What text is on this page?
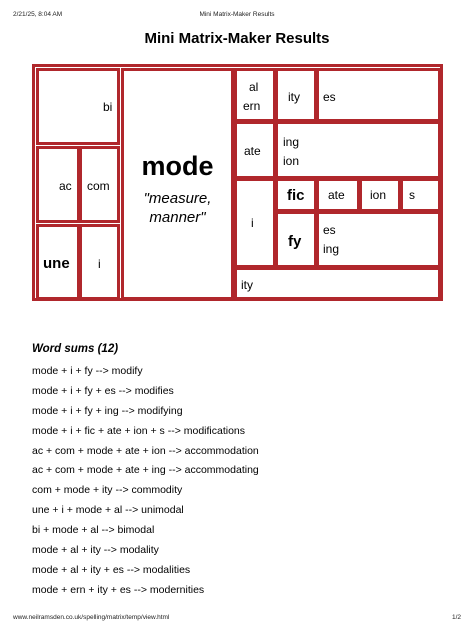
2/21/25, 8:04 AM	Mini Matrix-Maker Results
Mini Matrix-Maker Results
bi
ac com
une i
mode
"measure,
manner"
al
ern
ity es
ate
ing
ion
i
fic ate ion s
fy
es
ing
ity
Word sums (12)
mode + i + fy --> modify
mode + i + fy + es --> modifies
mode + i + fy + ing --> modifying
mode + i + fic + ate + ion + s --> modifications
ac + com + mode + ate + ion --> accommodation
ac + com + mode + ate + ing --> accommodating
com + mode + ity --> commodity
une + i + mode + al --> unimodal
bi + mode + al --> bimodal
mode + al + ity --> modality
mode + al + ity + es --> modalities
mode + ern + ity + es --> modernities
www.neilramsden.co.uk/spelling/matrix/temp/view.html	1/2
